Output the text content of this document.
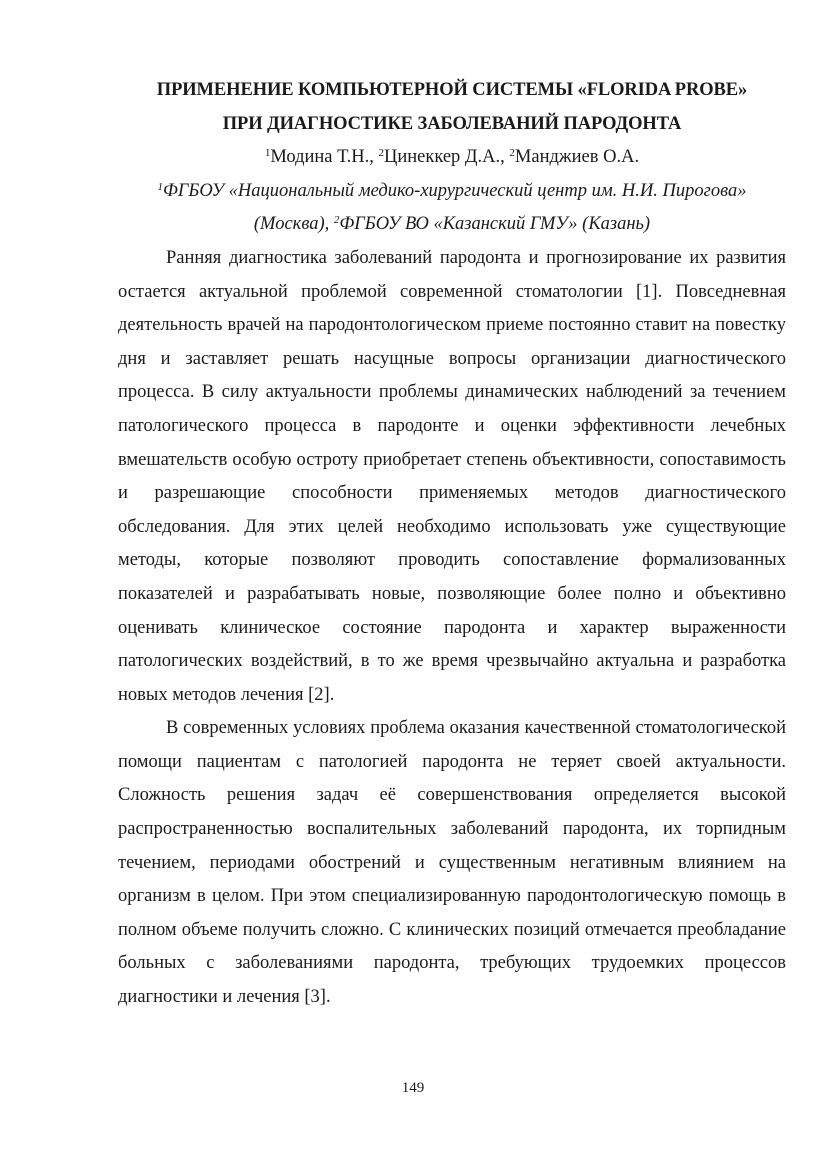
ПРИМЕНЕНИЕ КОМПЬЮТЕРНОЙ СИСТЕМЫ «FLORIDA PROBE»
ПРИ ДИАГНОСТИКЕ ЗАБОЛЕВАНИЙ ПАРОДОНТА
$^1$Модина Т.Н., $^2$Цинеккер Д.А., $^2$Манджиев О.А.
$^1$ФГБОУ «Национальный медико-хирургический центр им. Н.И. Пирогова»
(Москва), $^2$ФГБОУ ВО «Казанский ГМУ» (Казань)

Ранняя диагностика заболеваний пародонта и прогнозирование их развития остается актуальной проблемой современной стоматологии [1]. Повседневная деятельность врачей на пародонтологическом приеме постоянно ставит на повестку дня и заставляет решать насущные вопросы организации диагностического процесса. В силу актуальности проблемы динамических наблюдений за течением патологического процесса в пародонте и оценки эффективности лечебных вмешательств особую остроту приобретает степень объективности, сопоставимость и разрешающие способности применяемых методов диагностического обследования. Для этих целей необходимо использовать уже существующие методы, которые позволяют проводить сопоставление формализованных показателей и разрабатывать новые, позволяющие более полно и объективно оценивать клиническое состояние пародонта и характер выраженности патологических воздействий, в то же время чрезвычайно актуальна и разработка новых методов лечения [2].

В современных условиях проблема оказания качественной стоматологической помощи пациентам с патологией пародонта не теряет своей актуальности. Сложность решения задач её совершенствования определяется высокой распространенностью воспалительных заболеваний пародонта, их торпидным течением, периодами обострений и существенным негативным влиянием на организм в целом. При этом специализированную пародонтологическую помощь в полном объеме получить сложно. С клинических позиций отмечается преобладание больных с заболеваниями пародонта, требующих трудоемких процессов диагностики и лечения [3].

149
